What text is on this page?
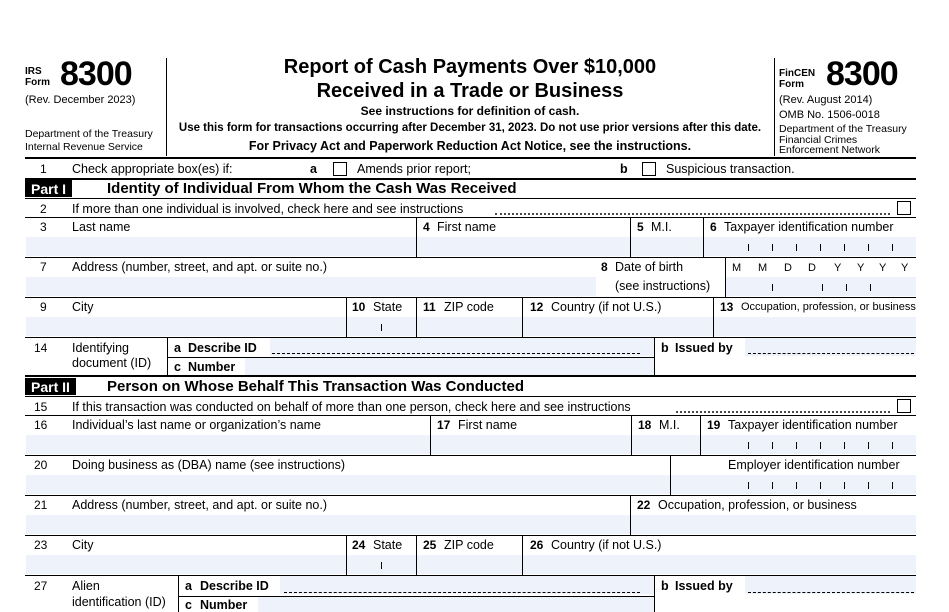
IRS
Form 8300
(Rev. December 2023)
Department of the Treasury
Internal Revenue Service
Report of Cash Payments Over $10,000
Received in a Trade or Business
See instructions for definition of cash.
Use this form for transactions occurring after December 31, 2023. Do not use prior versions after this date.
For Privacy Act and Paperwork Reduction Act Notice, see the instructions.
FinCEN
Form 8300
(Rev. August 2014)
OMB No. 1506-0018
Department of the Treasury
Financial Crimes
Enforcement Network
1 Check appropriate box(es) if:	a	Amends prior report;	b	Suspicious transaction.
Part I	Identity of Individual From Whom the Cash Was Received
2 If more than one individual is involved, check here and see instructions
3 Last name	4 First name	5 M.I.	6 Taxpayer identification number
7 Address (number, street, and apt. or suite no.)	8 Date of birth
(see instructions)
M M D D Y Y Y Y
9 City	10 State 11 ZIP code	12 Country (if not U.S.)	13 Occupation, profession, or business
14 Identifying
document (ID)
a Describe ID
c Number
b Issued by
Part II	Person on Whose Behalf This Transaction Was Conducted
15 If this transaction was conducted on behalf of more than one person, check here and see instructions
16 Individual’s last name or organization’s name	17 First name	18 M.I. 19 Taxpayer identification number
20 Doing business as (DBA) name (see instructions)	Employer identification number
21 Address (number, street, and apt. or suite no.)	22 Occupation, profession, or business
23 City	24 State 25 ZIP code	26 Country (if not U.S.)
27 Alien
identification (ID)
a Describe ID
c Number
b Issued by
